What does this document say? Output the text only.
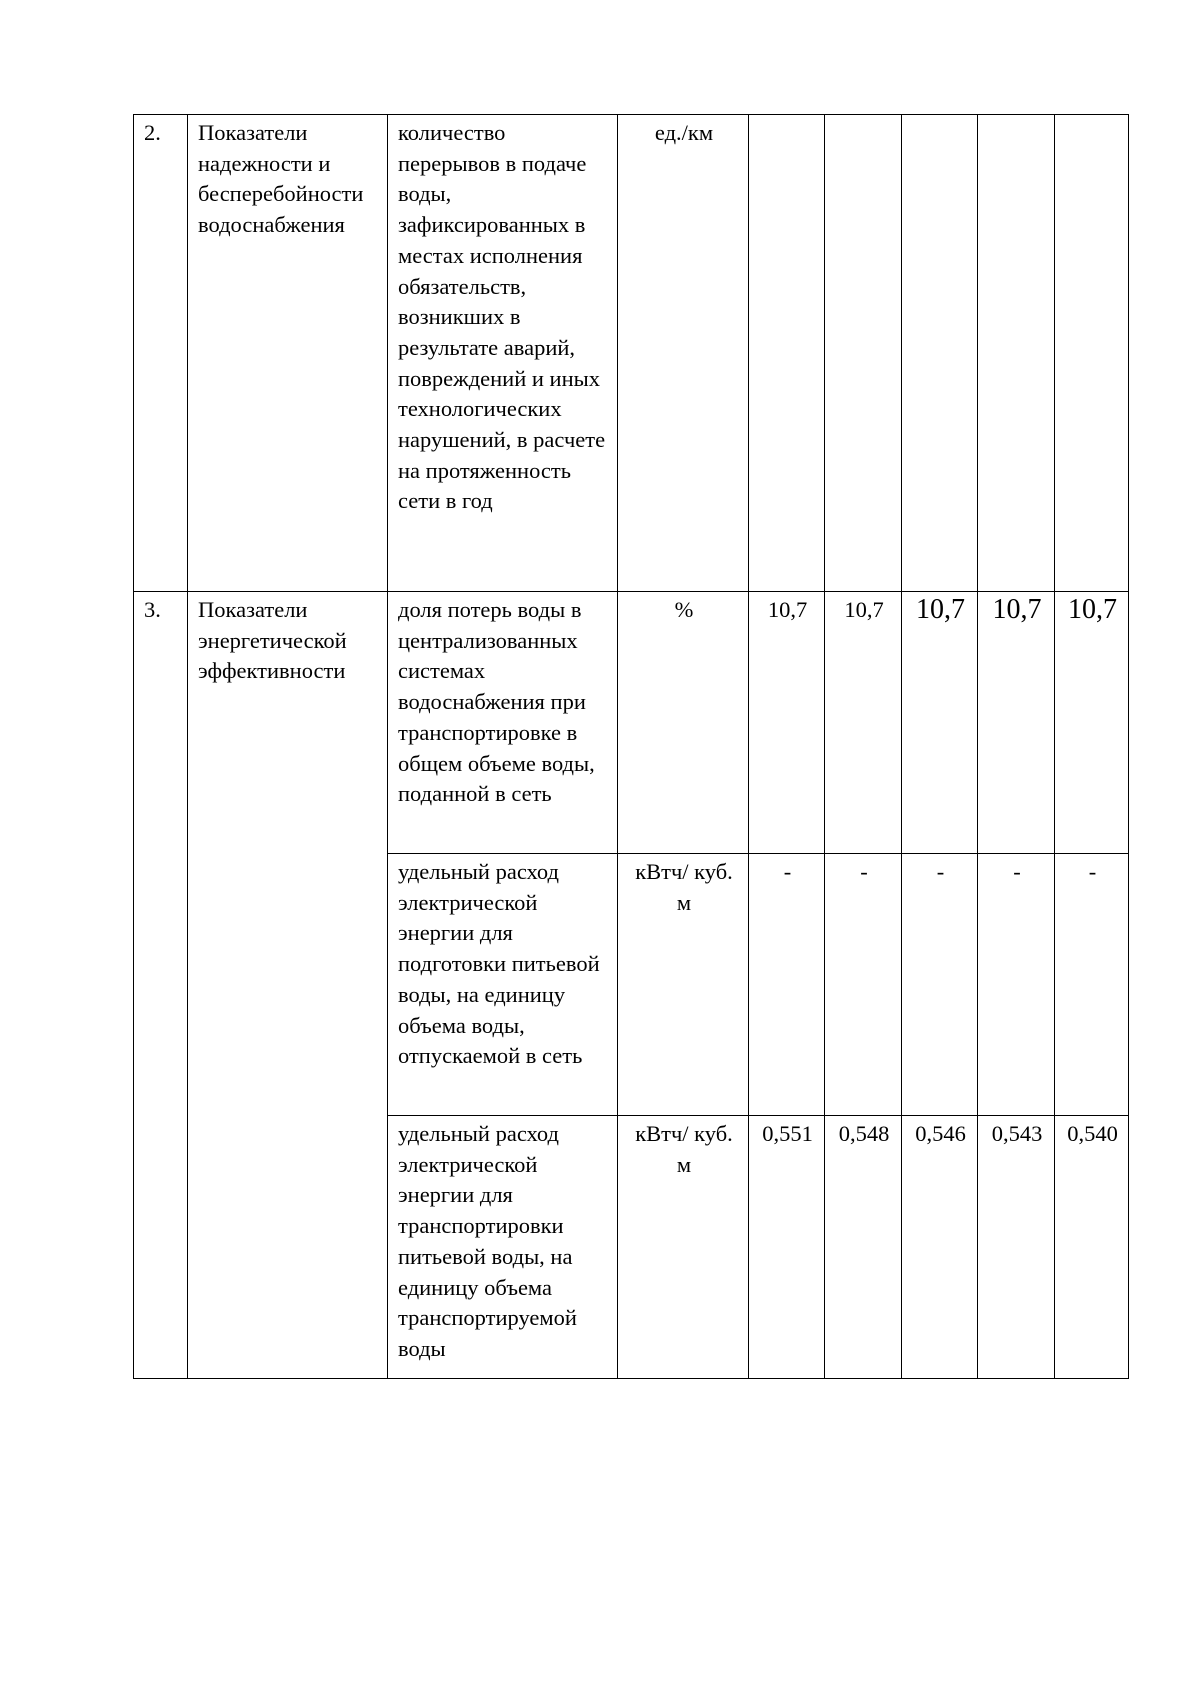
2.	Показатели надежности и бесперебойности водоснабжения	количество перерывов в подаче воды, зафиксированных в местах исполнения обязательств, возникших в результате аварий, повреждений и иных технологических нарушений, в расчете на протяженность сети в год	ед./км					
3.	Показатели энергетической эффективности	доля потерь воды в централизованных системах водоснабжения при транспортировке в общем объеме воды, поданной в сеть	%	10,7	10,7	10,7	10,7	10,7
		удельный расход электрической энергии для подготовки питьевой воды, на единицу объема воды, отпускаемой в сеть	кВтч/ куб. м	-	-	-	-	-
		удельный расход электрической энергии для транспортировки питьевой воды, на единицу объема транспортируемой воды	кВтч/ куб. м	0,551	0,548	0,546	0,543	0,540
